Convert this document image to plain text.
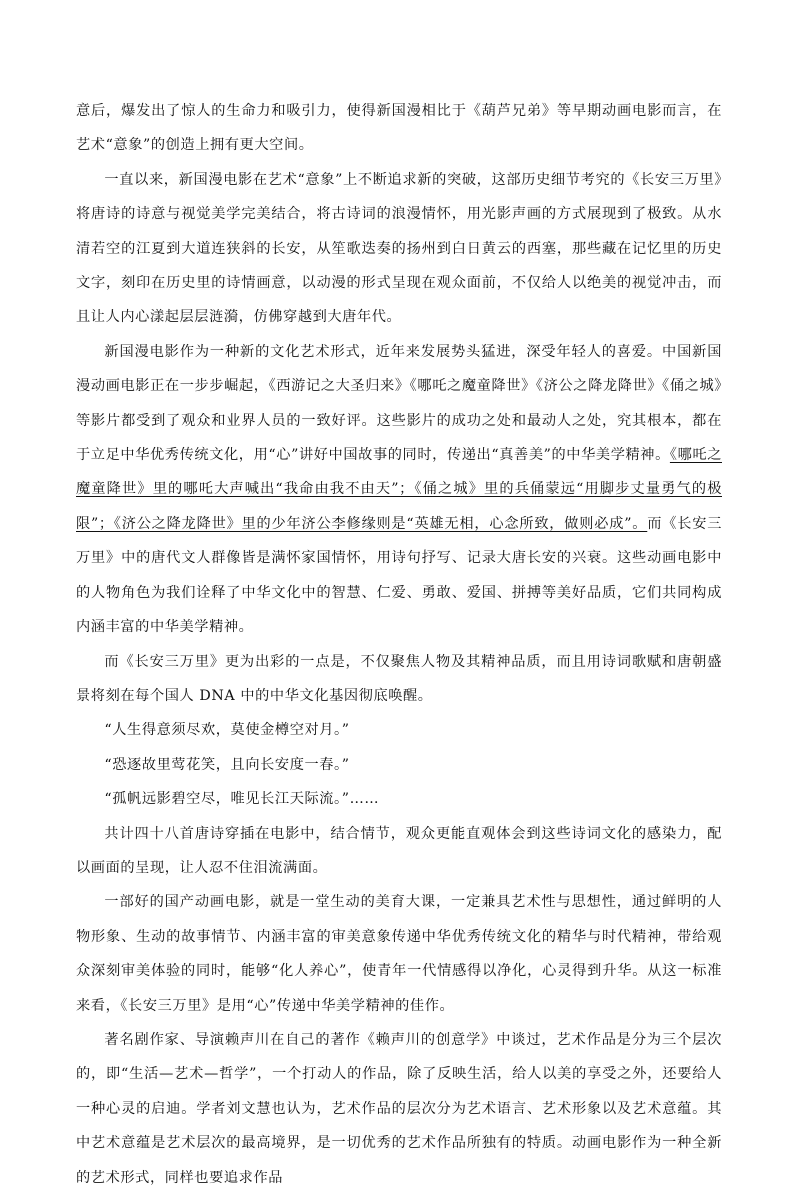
意后，爆发出了惊人的生命力和吸引力，使得新国漫相比于《葫芦兄弟》等早期动画电影而言，在艺术“意象”的创造上拥有更大空间。

一直以来，新国漫电影在艺术“意象”上不断追求新的突破，这部历史细节考究的《长安三万里》将唐诗的诗意与视觉美学完美结合，将古诗词的浪漫情怀，用光影声画的方式展现到了极致。从水清若空的江夏到大道连狭斜的长安，从笙歌迭奏的扬州到白日黄云的西塞，那些藏在记忆里的历史文字，刻印在历史里的诗情画意，以动漫的形式呈现在观众面前，不仅给人以绝美的视觉冲击，而且让人内心漾起层层涟漪，仿佛穿越到大唐年代。

新国漫电影作为一种新的文化艺术形式，近年来发展势头猛进，深受年轻人的喜爱。中国新国漫动画电影正在一步步崛起，《西游记之大圣归来》《哪吒之魔童降世》《济公之降龙降世》《俑之城》等影片都受到了观众和业界人员的一致好评。这些影片的成功之处和最动人之处，究其根本，都在于立足中华优秀传统文化，用“心”讲好中国故事的同时，传递出“真善美”的中华美学精神。《哪吒之魔童降世》里的哪吒大声喊出“我命由我不由天”；《俑之城》里的兵俑蒙远“用脚步丈量勇气的极限”；《济公之降龙降世》里的少年济公李修缘则是“英雄无相，心念所致，做则必成”。而《长安三万里》中的唐代文人群像皆是满怀家国情怀，用诗句抒写、记录大唐长安的兴衰。这些动画电影中的人物角色为我们诠释了中华文化中的智慧、仁爱、勇敢、爱国、拼搏等美好品质，它们共同构成内涵丰富的中华美学精神。

而《长安三万里》更为出彩的一点是，不仅聚焦人物及其精神品质，而且用诗词歌赋和唐朝盛景将刻在每个国人 DNA 中的中华文化基因彻底唤醒。

“人生得意须尽欢，莫使金樽空对月。”

“恐逐故里莺花笑，且向长安度一春。”

“孤帆远影碧空尽，唯见长江天际流。”……

共计四十八首唐诗穿插在电影中，结合情节，观众更能直观体会到这些诗词文化的感染力，配以画面的呈现，让人忍不住泪流满面。

一部好的国产动画电影，就是一堂生动的美育大课，一定兼具艺术性与思想性，通过鲜明的人物形象、生动的故事情节、内涵丰富的审美意象传递中华优秀传统文化的精华与时代精神，带给观众深刻审美体验的同时，能够“化人养心”，使青年一代情感得以净化，心灵得到升华。从这一标准来看，《长安三万里》是用“心”传递中华美学精神的佳作。

著名剧作家、导演赖声川在自己的著作《赖声川的创意学》中谈过，艺术作品是分为三个层次的，即“生活—艺术—哲学”，一个打动人的作品，除了反映生活，给人以美的享受之外，还要给人一种心灵的启迪。学者刘文慧也认为，艺术作品的层次分为艺术语言、艺术形象以及艺术意蕴。其中艺术意蕴是艺术层次的最高境界，是一切优秀的艺术作品所独有的特质。动画电影作为一种全新的艺术形式，同样也要追求作品
